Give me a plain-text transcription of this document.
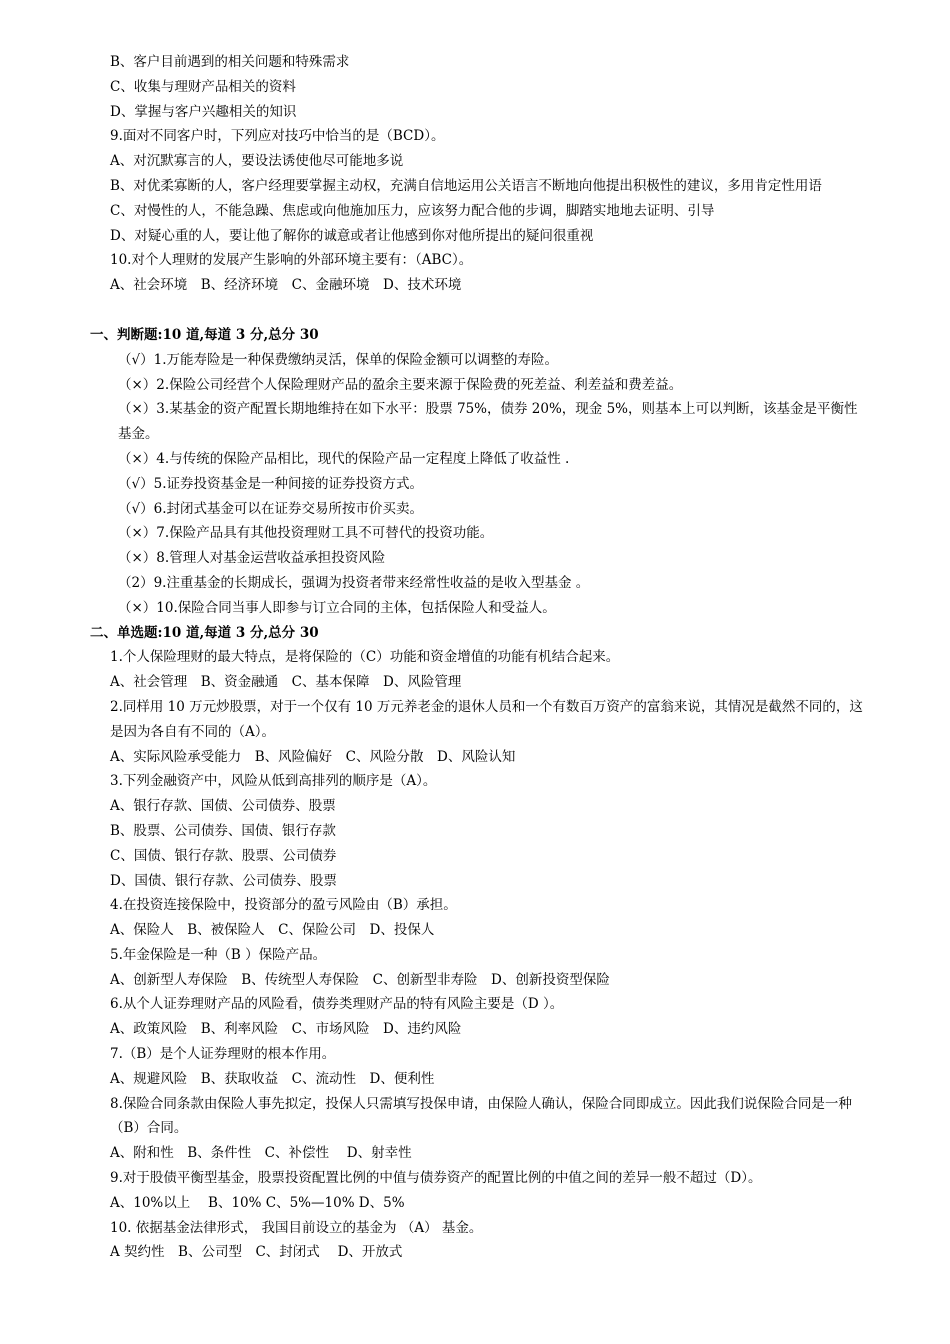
B、客户目前遇到的相关问题和特殊需求

C、收集与理财产品相关的资料

D、掌握与客户兴趣相关的知识

9.面对不同客户时，下列应对技巧中恰当的是（BCD）。

A、对沉默寡言的人，要设法诱使他尽可能地多说

B、对优柔寡断的人，客户经理要掌握主动权，充满自信地运用公关语言不断地向他提出积极性的建议，多用肯定性用语

C、对慢性的人，不能急躁、焦虑或向他施加压力，应该努力配合他的步调，脚踏实地地去证明、引导

D、对疑心重的人，要让他了解你的诚意或者让他感到你对他所提出的疑问很重视

10.对个人理财的发展产生影响的外部环境主要有：（ABC）。

A、社会环境　B、经济环境　C、金融环境　D、技术环境

一、判断题:10 道,每道 3 分,总分 30

（√）1.万能寿险是一种保费缴纳灵活，保单的保险金额可以调整的寿险。

（×）2.保险公司经营个人保险理财产品的盈余主要来源于保险费的死差益、利差益和费差益。

（×）3.某基金的资产配置长期地维持在如下水平：股票 75%，债券 20%，现金 5%，则基本上可以判断，该基金是平衡性基金。

（×）4.与传统的保险产品相比，现代的保险产品一定程度上降低了收益性 .

（√）5.证券投资基金是一种间接的证券投资方式。

（√）6.封闭式基金可以在证券交易所按市价买卖。

（×）7.保险产品具有其他投资理财工具不可替代的投资功能。

（×）8.管理人对基金运营收益承担投资风险

（2）9.注重基金的长期成长，强调为投资者带来经常性收益的是收入型基金 。

（×）10.保险合同当事人即参与订立合同的主体，包括保险人和受益人。

二、单选题:10 道,每道 3 分,总分 30

1.个人保险理财的最大特点，是将保险的（C）功能和资金增值的功能有机结合起来。

A、社会管理　B、资金融通　C、基本保障　D、风险管理

2.同样用 10 万元炒股票，对于一个仅有 10 万元养老金的退休人员和一个有数百万资产的富翁来说，其情况是截然不同的，这是因为各自有不同的（A）。

A、实际风险承受能力　B、风险偏好　C、风险分散　D、风险认知

3.下列金融资产中，风险从低到高排列的顺序是（A）。

A、银行存款、国债、公司债券、股票

B、股票、公司债券、国债、银行存款

C、国债、银行存款、股票、公司债券

D、国债、银行存款、公司债券、股票

4.在投资连接保险中，投资部分的盈亏风险由（B）承担。

A、保险人　B、被保险人　C、保险公司　D、投保人

5.年金保险是一种（B ）保险产品。

A、创新型人寿保险　B、传统型人寿保险　C、创新型非寿险　D、创新投资型保险

6.从个人证券理财产品的风险看，债券类理财产品的特有风险主要是（D ）。

A、政策风险　B、利率风险　C、市场风险　D、违约风险

7.（B）是个人证券理财的根本作用。

A、规避风险　B、获取收益　C、流动性　D、便利性

8.保险合同条款由保险人事先拟定，投保人只需填写投保申请，由保险人确认，保险合同即成立。因此我们说保险合同是一种（B）合同。

A、附和性　B、条件性　C、补偿性　 D、射幸性

9.对于股债平衡型基金，股票投资配置比例的中值与债券资产的配置比例的中值之间的差异一般不超过（D）。

A、10%以上　 B、10% C、5%—10% D、5%

10. 依据基金法律形式， 我国目前设立的基金为 （A） 基金。

A 契约性　B、公司型　C、封闭式　 D、开放式
